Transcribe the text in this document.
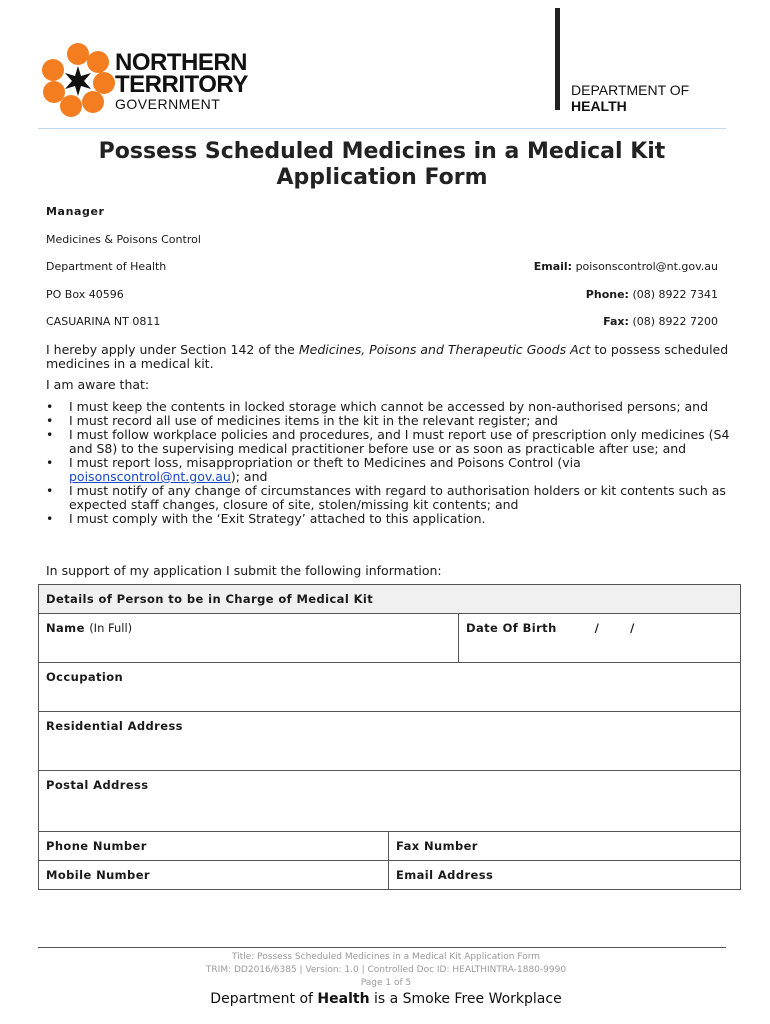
NORTHERN
TERRITORY
GOVERNMENT
DEPARTMENT OF
HEALTH
Possess Scheduled Medicines in a Medical Kit
Application Form
Manager
Medicines & Poisons Control
Department of Health
PO Box 40596
CASUARINA NT 0811
Email: poisonscontrol@nt.gov.au
Phone: (08) 8922 7341
Fax: (08) 8922 7200
I hereby apply under Section 142 of the Medicines, Poisons and Therapeutic Goods Act to possess scheduled medicines in a medical kit.
I am aware that:
• I must keep the contents in locked storage which cannot be accessed by non-authorised persons; and
• I must record all use of medicines items in the kit in the relevant register; and
• I must follow workplace policies and procedures, and I must report use of prescription only medicines (S4 and S8) to the supervising medical practitioner before use or as soon as practicable after use; and
• I must report loss, misappropriation or theft to Medicines and Poisons Control (via poisonscontrol@nt.gov.au); and
• I must notify of any change of circumstances with regard to authorisation holders or kit contents such as expected staff changes, closure of site, stolen/missing kit contents; and
• I must comply with the ‘Exit Strategy’ attached to this application.
In support of my application I submit the following information:
Details of Person to be in Charge of Medical Kit		
Name (In Full)		Date Of Birth /       /
Occupation		
Residential Address		
Postal Address		
Phone Number	Fax Number	
Mobile Number	Email Address	
Title: Possess Scheduled Medicines in a Medical Kit Application Form
TRIM: DD2016/6385 | Version: 1.0 | Controlled Doc ID: HEALTHINTRA-1880-9990
Page 1 of 5
Department of Health is a Smoke Free Workplace
